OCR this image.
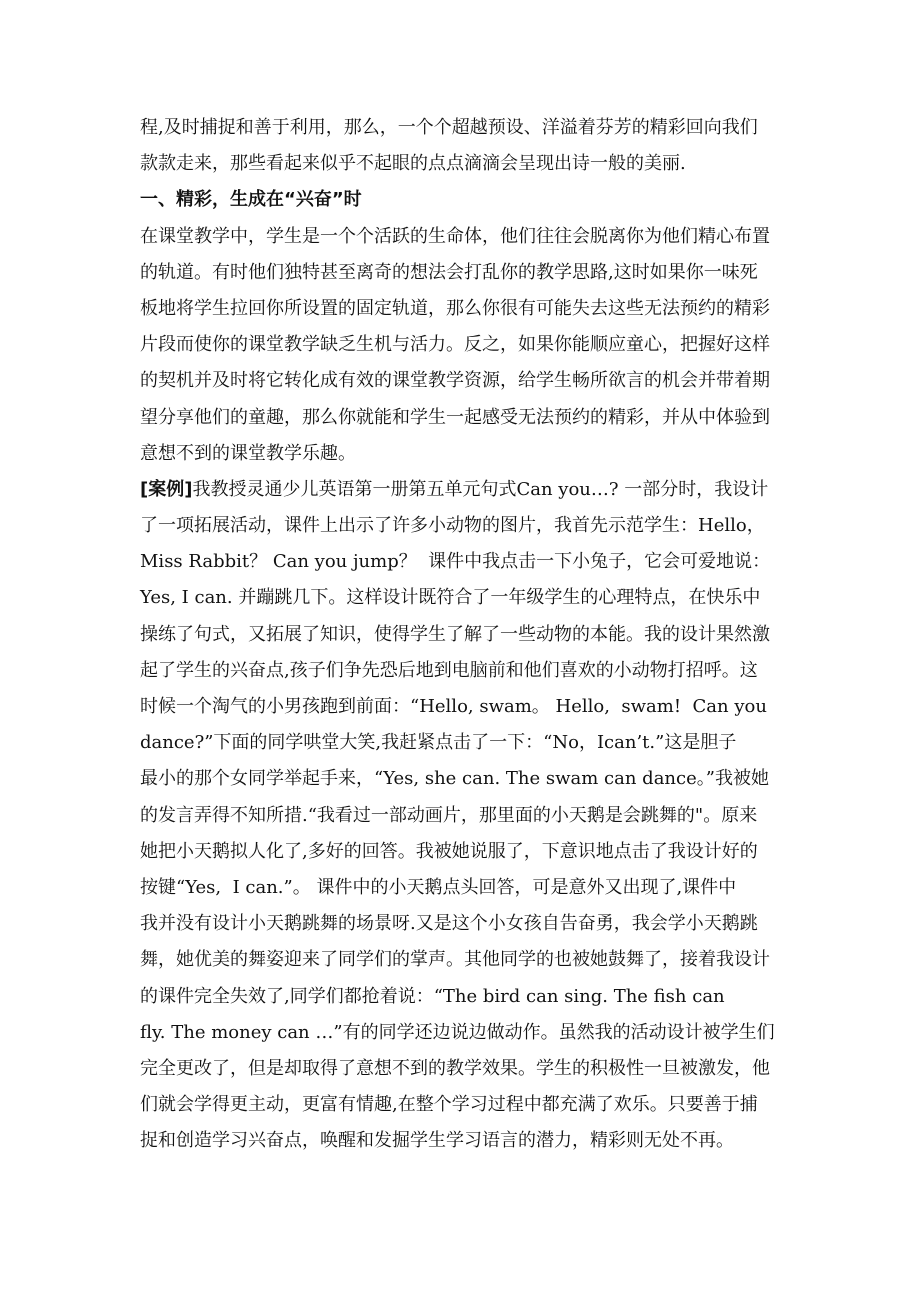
程,及时捕捉和善于利用，那么，一个个超越预设、洋溢着芬芳的精彩回向我们
款款走来，那些看起来似乎不起眼的点点滴滴会呈现出诗一般的美丽.
一、精彩，生成在“兴奋”时
在课堂教学中，学生是一个个活跃的生命体，他们往往会脱离你为他们精心布置
的轨道。有时他们独特甚至离奇的想法会打乱你的教学思路,这时如果你一味死
板地将学生拉回你所设置的固定轨道，那么你很有可能失去这些无法预约的精彩
片段而使你的课堂教学缺乏生机与活力。反之，如果你能顺应童心，把握好这样
的契机并及时将它转化成有效的课堂教学资源，给学生畅所欲言的机会并带着期
望分享他们的童趣，那么你就能和学生一起感受无法预约的精彩，并从中体验到
意想不到的课堂教学乐趣。
[案例]我教授灵通少儿英语第一册第五单元句式Can you…? 一部分时，我设计
了一项拓展活动，课件上出示了许多小动物的图片，我首先示范学生：Hello，
Miss Rabbit？ Can you jump？  课件中我点击一下小兔子，它会可爱地说：
Yes, I can. 并蹦跳几下。这样设计既符合了一年级学生的心理特点，在快乐中
操练了句式，又拓展了知识，使得学生了解了一些动物的本能。我的设计果然激
起了学生的兴奋点,孩子们争先恐后地到电脑前和他们喜欢的小动物打招呼。这
时候一个淘气的小男孩跑到前面：“Hello, swam。 Hello,  swam!  Can you
dance?”下面的同学哄堂大笑,我赶紧点击了一下：“No，Ican’t.”这是胆子
最小的那个女同学举起手来，“Yes, she can. The swam can dance。”我被她
的发言弄得不知所措.“我看过一部动画片，那里面的小天鹅是会跳舞的"。原来
她把小天鹅拟人化了,多好的回答。我被她说服了，下意识地点击了我设计好的
按键“Yes,  I can.”。 课件中的小天鹅点头回答，可是意外又出现了,课件中
我并没有设计小天鹅跳舞的场景呀.又是这个小女孩自告奋勇，我会学小天鹅跳
舞，她优美的舞姿迎来了同学们的掌声。其他同学的也被她鼓舞了，接着我设计
的课件完全失效了,同学们都抢着说：“The bird can sing. The fish can
fly. The money can …”有的同学还边说边做动作。虽然我的活动设计被学生们
完全更改了，但是却取得了意想不到的教学效果。学生的积极性一旦被激发，他
们就会学得更主动，更富有情趣,在整个学习过程中都充满了欢乐。只要善于捕
捉和创造学习兴奋点，唤醒和发掘学生学习语言的潜力，精彩则无处不再。
